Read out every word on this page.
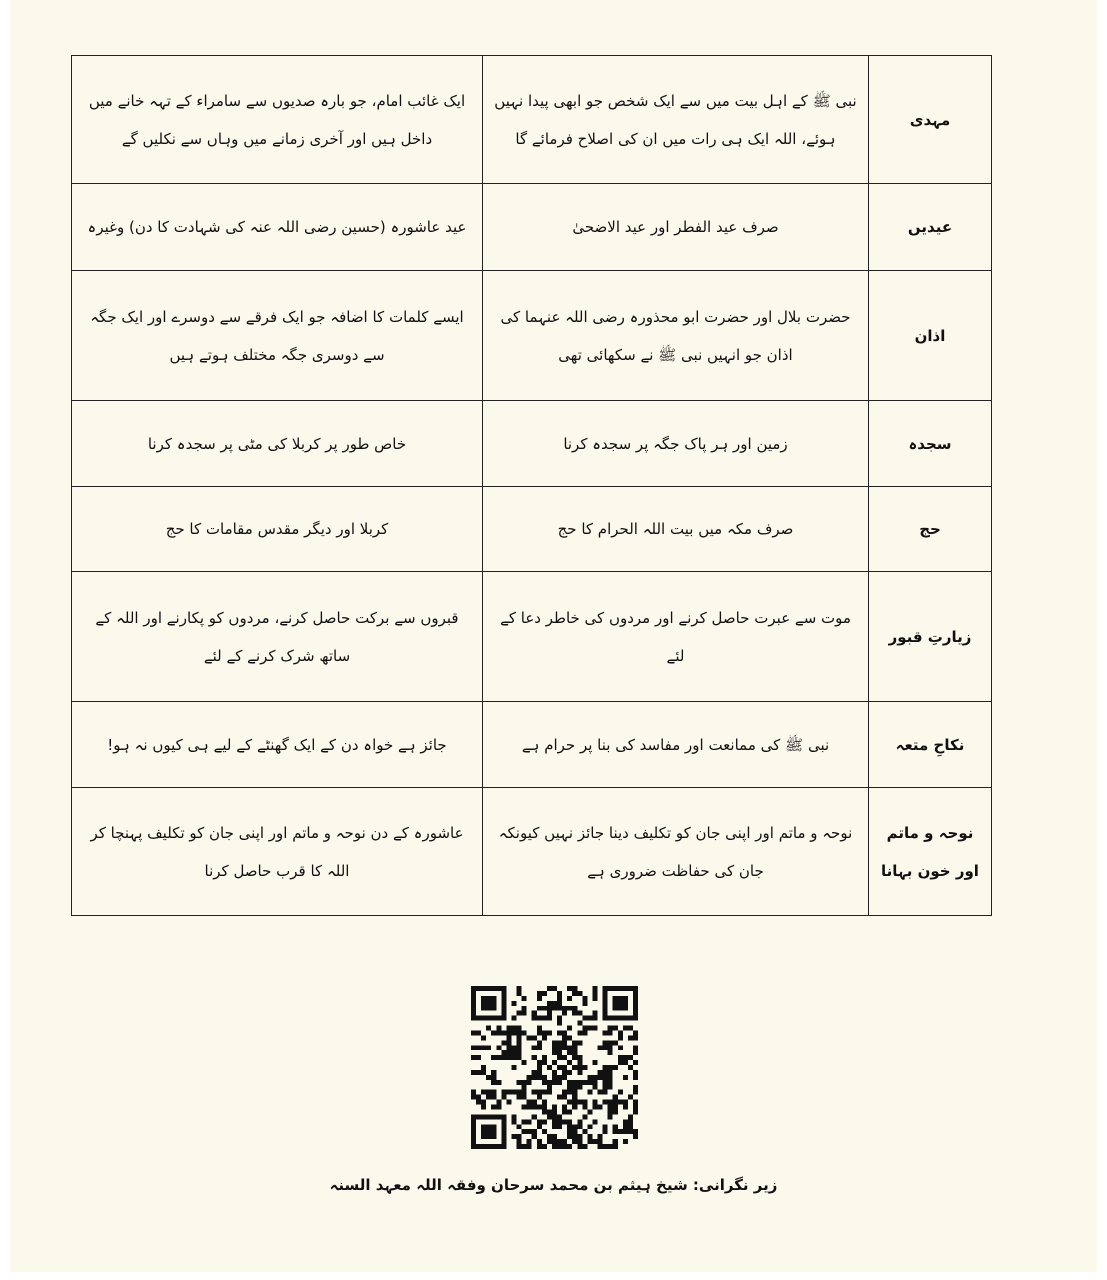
ایک غائب امام، جو بارہ صدیوں سے سامراء کے تہہ خانے میں داخل ہیں اور آخری زمانے میں وہاں سے نکلیں گے	نبی ﷺ کے اہل بیت میں سے ایک شخص جو ابھی پیدا نہیں ہوئے، اللہ ایک ہی رات میں ان کی اصلاح فرمائے گا	مہدی
عید عاشورہ (حسین رضی اللہ عنہ کی شہادت کا دن) وغیرہ	صرف عید الفطر اور عید الاضحیٰ	عیدیں
ایسے کلمات کا اضافہ جو ایک فرقے سے دوسرے اور ایک جگہ سے دوسری جگہ مختلف ہوتے ہیں	حضرت بلال اور حضرت ابو محذورہ رضی اللہ عنہما کی اذان جو انہیں نبی ﷺ نے سکھائی تھی	اذان
خاص طور پر کربلا کی مٹی پر سجدہ کرنا	زمین اور ہر پاک جگہ پر سجدہ کرنا	سجدہ
کربلا اور دیگر مقدس مقامات کا حج	صرف مکہ میں بیت اللہ الحرام کا حج	حج
قبروں سے برکت حاصل کرنے، مردوں کو پکارنے اور اللہ کے ساتھ شرک کرنے کے لئے	موت سے عبرت حاصل کرنے اور مردوں کی خاطر دعا کے لئے	زیارتِ قبور
جائز ہے خواہ دن کے ایک گھنٹے کے لیے ہی کیوں نہ ہو!	نبی ﷺ کی ممانعت اور مفاسد کی بنا پر حرام ہے	نکاحِ متعہ
عاشورہ کے دن نوحہ و ماتم اور اپنی جان کو تکلیف پہنچا کر اللہ کا قرب حاصل کرنا	نوحہ و ماتم اور اپنی جان کو تکلیف دینا جائز نہیں کیونکہ جان کی حفاظت ضروری ہے	نوحہ و ماتم اور خون بہانا
زیر نگرانی: شیخ ہیثم بن محمد سرحان وفقہ اللہ معہد السنہ
